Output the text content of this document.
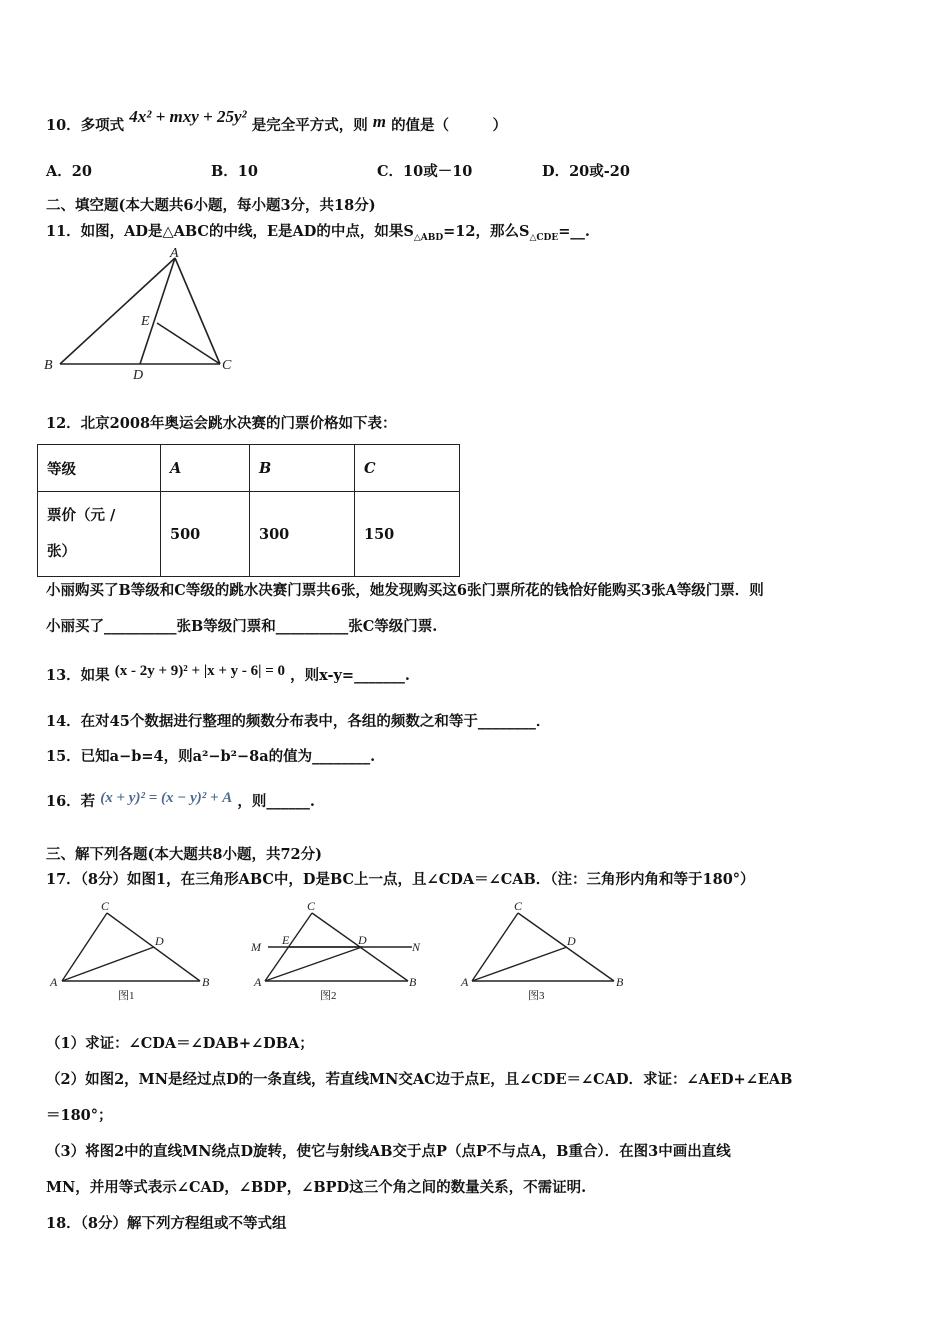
10．多项式 4x² + mxy + 25y² 是完全平方式，则 m 的值是（　　　）
A．20	B．10	C．10或－10	D．20或-20
二、填空题(本大题共6小题，每小题3分，共18分)
11．如图，AD是△ABC的中线，E是AD的中点，如果$S_{\triangle ABD}=12$，那么$S_{\triangle CDE}=\_\_$.
A
B	C
D
E
12．北京2008年奥运会跳水决赛的门票价格如下表：
等级	A	B	C
票价（元 /
张）	500	300	150
小丽购买了B等级和C等级的跳水决赛门票共6张，她发现购买这6张门票所花的钱恰好能购买3张A等级门票．则
小丽买了__________张B等级门票和__________张C等级门票.
13．如果 (x - 2y + 9)² + |x + y - 6| = 0 ，则x-y=_______.
14．在对45个数据进行整理的频数分布表中，各组的频数之和等于________．
15．已知a−b=4，则a²−b²−8a的值为________.
16．若 (x + y)² = (x − y)² + A ，则______.
三、解下列各题(本大题共8小题，共72分)
17．（8分）如图1，在三角形ABC中，D是BC上一点，且∠CDA＝∠CAB．（注：三角形内角和等于180°）
C
D
A	B
图1
C
M E	D	N
A	B
图2
C
D
A	B
图3
（1）求证：∠CDA＝∠DAB+∠DBA；
（2）如图2，MN是经过点D的一条直线，若直线MN交AC边于点E，且∠CDE＝∠CAD．求证：∠AED+∠EAB
＝180°；
（3）将图2中的直线MN绕点D旋转，使它与射线AB交于点P（点P不与点A，B重合）．在图3中画出直线
MN，并用等式表示∠CAD，∠BDP，∠BPD这三个角之间的数量关系，不需证明.
18．（8分）解下列方程组或不等式组
